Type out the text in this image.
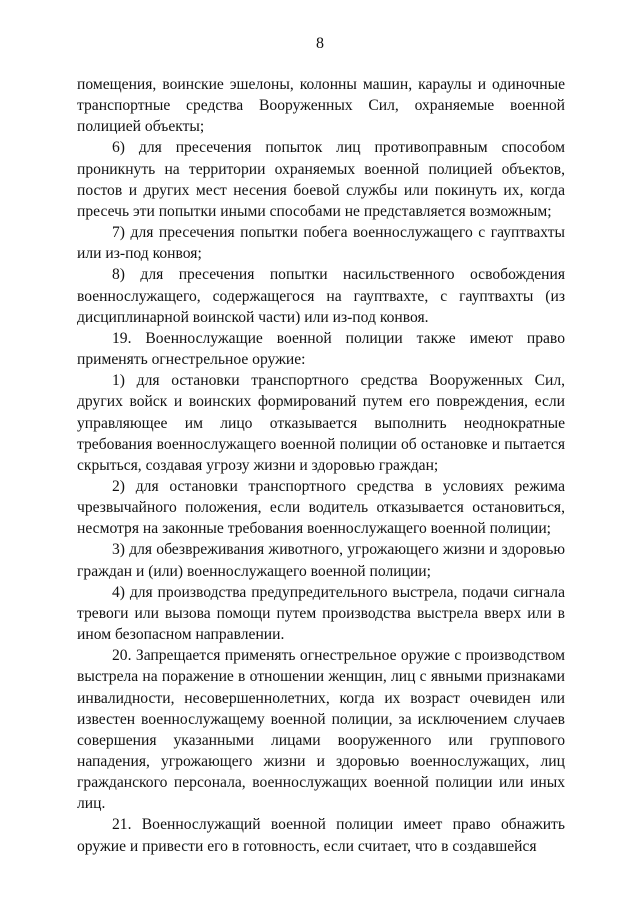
8

помещения, воинские эшелоны, колонны машин, караулы и одиночные транспортные средства Вооруженных Сил, охраняемые военной полицией объекты;

6) для пресечения попыток лиц противоправным способом проникнуть на территории охраняемых военной полицией объектов, постов и других мест несения боевой службы или покинуть их, когда пресечь эти попытки иными способами не представляется возможным;

7) для пресечения попытки побега военнослужащего с гауптвахты или из-под конвоя;

8) для пресечения попытки насильственного освобождения военнослужащего, содержащегося на гауптвахте, с гауптвахты (из дисциплинарной воинской части) или из-под конвоя.

19. Военнослужащие военной полиции также имеют право применять огнестрельное оружие:

1) для остановки транспортного средства Вооруженных Сил, других войск и воинских формирований путем его повреждения, если управляющее им лицо отказывается выполнить неоднократные требования военнослужащего военной полиции об остановке и пытается скрыться, создавая угрозу жизни и здоровью граждан;

2) для остановки транспортного средства в условиях режима чрезвычайного положения, если водитель отказывается остановиться, несмотря на законные требования военнослужащего военной полиции;

3) для обезвреживания животного, угрожающего жизни и здоровью граждан и (или) военнослужащего военной полиции;

4) для производства предупредительного выстрела, подачи сигнала тревоги или вызова помощи путем производства выстрела вверх или в ином безопасном направлении.

20. Запрещается применять огнестрельное оружие с производством выстрела на поражение в отношении женщин, лиц с явными признаками инвалидности, несовершеннолетних, когда их возраст очевиден или известен военнослужащему военной полиции, за исключением случаев совершения указанными лицами вооруженного или группового нападения, угрожающего жизни и здоровью военнослужащих, лиц гражданского персонала, военнослужащих военной полиции или иных лиц.

21. Военнослужащий военной полиции имеет право обнажить оружие и привести его в готовность, если считает, что в создавшейся
